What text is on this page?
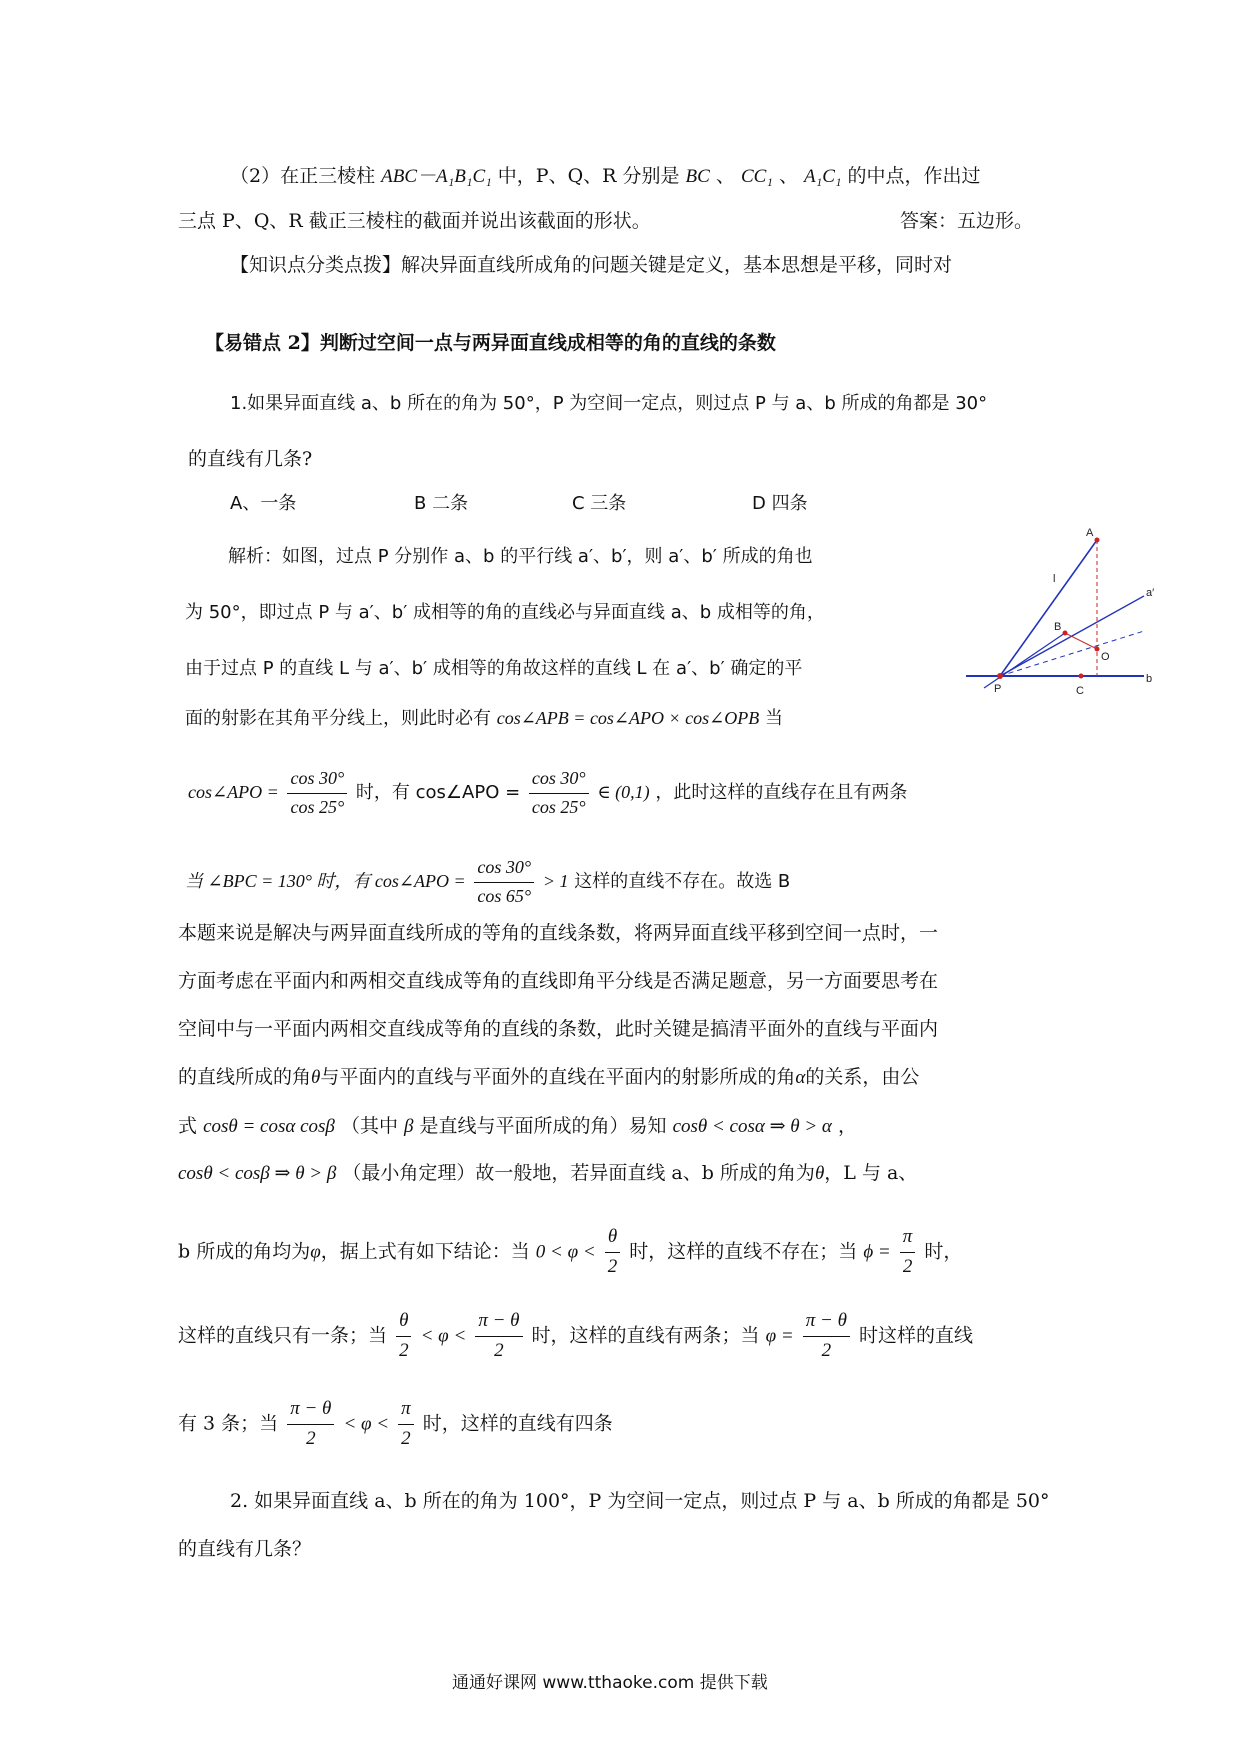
（2）在正三棱柱 ABC－A₁B₁C₁ 中，P、Q、R 分别是 BC 、 CC₁ 、 A₁C₁ 的中点，作出过
三点 P、Q、R 截正三棱柱的截面并说出该截面的形状。	答案：五边形。
【知识点分类点拨】解决异面直线所成角的问题关键是定义，基本思想是平移，同时对
【易错点 2】判断过空间一点与两异面直线成相等的角的直线的条数
1.如果异面直线 a、b 所在的角为 50°，P 为空间一定点，则过点 P 与 a、b 所成的角都是 30°
的直线有几条?
A、一条	B 二条	C 三条	D 四条
解析：如图，过点 P 分别作 a、b 的平行线 a′、b′，则 a′、b′ 所成的角也
为 50°，即过点 P 与 a′、b′ 成相等的角的直线必与异面直线 a、b 成相等的角，
由于过点 P 的直线 L 与 a′、b′ 成相等的角故这样的直线 L 在 a′、b′ 确定的平
面的射影在其角平分线上，则此时必有 cos∠APB = cos∠APO × cos∠OPB 当
cos∠APO = $\frac{\cos 30^\circ}{\cos 25^\circ}$ 时，有 cos∠APO = $\frac{\cos 30^\circ}{\cos 25^\circ}$ ∈ (0,1) ，此时这样的直线存在且有两条
当 ∠BPC = 130° 时，有 cos∠APO = $\frac{\cos 30^\circ}{\cos 65^\circ} > 1$ 这样的直线不存在。故选 B
本题来说是解决与两异面直线所成的等角的直线条数，将两异面直线平移到空间一点时，一
方面考虑在平面内和两相交直线成等角的直线即角平分线是否满足题意，另一方面要思考在
空间中与一平面内两相交直线成等角的直线的条数，此时关键是搞清平面外的直线与平面内
的直线所成的角θ与平面内的直线与平面外的直线在平面内的射影所成的角α的关系，由公
式 cosθ = cosα cosβ （其中 β 是直线与平面所成的角）易知 cosθ < cosα ⇒ θ > α ，
cosθ < cosβ ⇒ θ > β （最小角定理）故一般地，若异面直线 a、b 所成的角为θ，L 与 a、
b 所成的角均为φ，据上式有如下结论：当 $0 < \varphi < \frac{\theta}{2}$ 时，这样的直线不存在；当 $\phi = \frac{\pi}{2}$ 时，
这样的直线只有一条；当 $\frac{\theta}{2} < \varphi < \frac{\pi - \theta}{2}$ 时，这样的直线有两条；当 $\varphi = \frac{\pi - \theta}{2}$ 时这样的直线
有 3 条；当 $\frac{\pi - \theta}{2} < \varphi < \frac{\pi}{2}$ 时，这样的直线有四条
2. 如果异面直线 a、b 所在的角为 100°，P 为空间一定点，则过点 P 与 a、b 所成的角都是 50°
的直线有几条？
A
l
a′
B
O
P	C
b
通通好课网 www.tthaoke.com 提供下载
